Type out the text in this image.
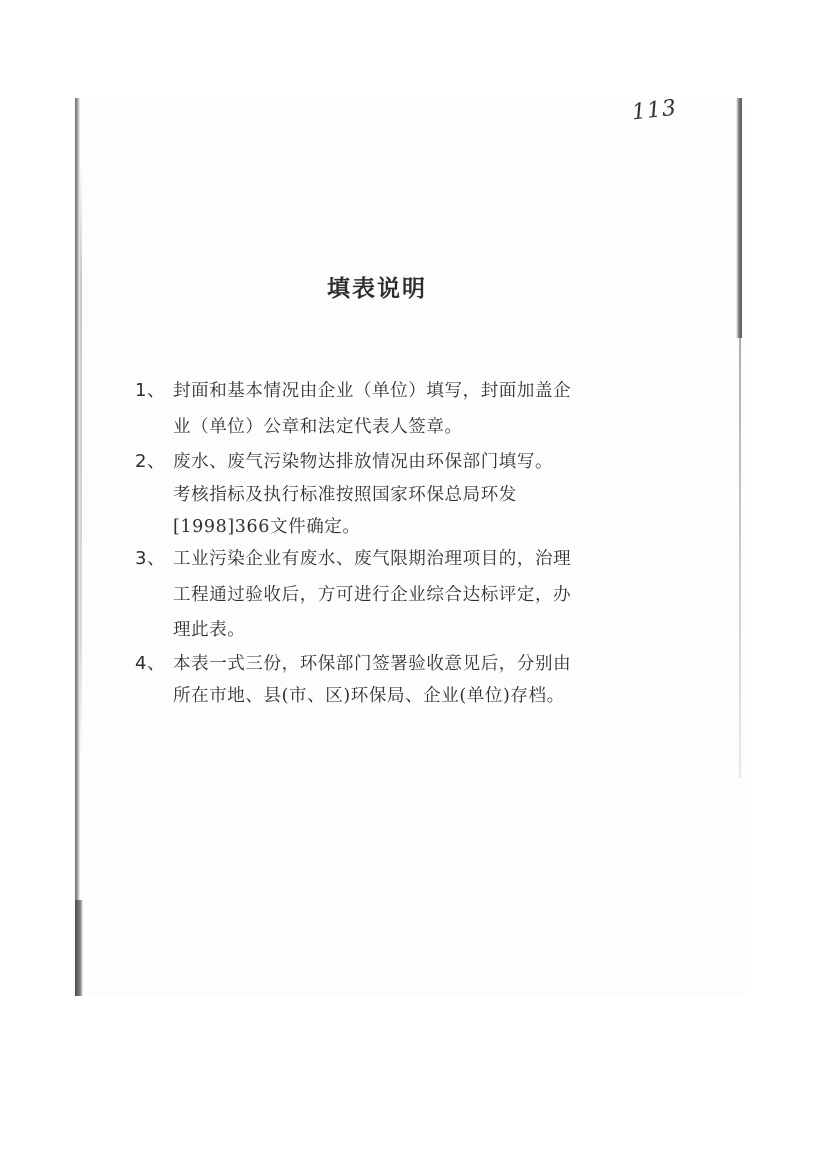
113
填表说明
1、 封面和基本情况由企业（单位）填写，封面加盖企
业（单位）公章和法定代表人签章。
2、 废水、废气污染物达排放情况由环保部门填写。
考核指标及执行标准按照国家环保总局环发
[1998]366文件确定。
3、 工业污染企业有废水、废气限期治理项目的，治理
工程通过验收后，方可进行企业综合达标评定，办
理此表。
4、 本表一式三份，环保部门签署验收意见后，分别由
所在市地、县(市、区)环保局、企业(单位)存档。
